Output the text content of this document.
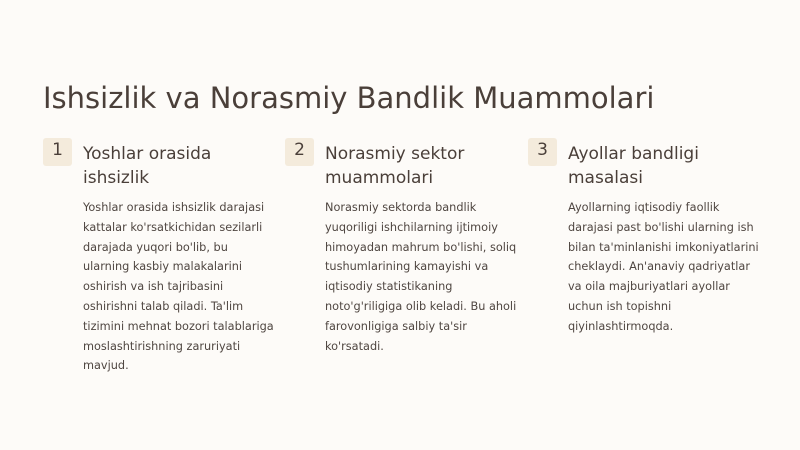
Ishsizlik va Norasmiy Bandlik Muammolari
1	Yoshlar orasida ishsizlik

Yoshlar orasida ishsizlik darajasi kattalar ko'rsatkichidan sezilarli darajada yuqori bo'lib, bu ularning kasbiy malakalarini oshirish va ish tajribasini oshirishni talab qiladi. Ta'lim tizimini mehnat bozori talablariga moslashtirishning zaruriyati mavjud.

2	Norasmiy sektor muammolari

Norasmiy sektorda bandlik yuqoriligi ishchilarning ijtimoiy himoyadan mahrum bo'lishi, soliq tushumlarining kamayishi va iqtisodiy statistikaning noto'g'riligiga olib keladi. Bu aholi farovonligiga salbiy ta'sir ko'rsatadi.

3	Ayollar bandligi masalasi

Ayollarning iqtisodiy faollik darajasi past bo'lishi ularning ish bilan ta'minlanishi imkoniyatlarini cheklaydi. An'anaviy qadriyatlar va oila majburiyatlari ayollar uchun ish topishni qiyinlashtirmoqda.
